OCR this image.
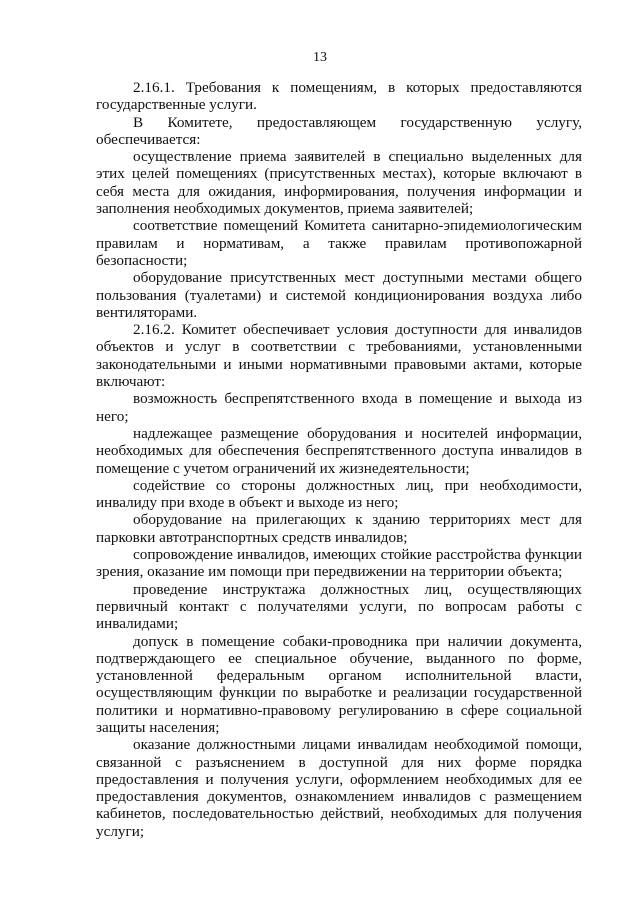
13

2.16.1. Требования к помещениям, в которых предоставляются государственные услуги.

В Комитете, предоставляющем государственную услугу, обеспечивается:

осуществление приема заявителей в специально выделенных для этих целей помещениях (присутственных местах), которые включают в себя места для ожидания, информирования, получения информации и заполнения необходимых документов, приема заявителей;

соответствие помещений Комитета санитарно-эпидемиологическим правилам и нормативам, а также правилам противопожарной безопасности;

оборудование присутственных мест доступными местами общего пользования (туалетами) и системой кондиционирования воздуха либо вентиляторами.

2.16.2. Комитет обеспечивает условия доступности для инвалидов объектов и услуг в соответствии с требованиями, установленными законодательными и иными нормативными правовыми актами, которые включают:

возможность беспрепятственного входа в помещение и выхода из него;

надлежащее размещение оборудования и носителей информации, необходимых для обеспечения беспрепятственного доступа инвалидов в помещение с учетом ограничений их жизнедеятельности;

содействие со стороны должностных лиц, при необходимости, инвалиду при входе в объект и выходе из него;

оборудование на прилегающих к зданию территориях мест для парковки автотранспортных средств инвалидов;

сопровождение инвалидов, имеющих стойкие расстройства функции зрения, оказание им помощи при передвижении на территории объекта;

проведение инструктажа должностных лиц, осуществляющих первичный контакт с получателями услуги, по вопросам работы с инвалидами;

допуск в помещение собаки-проводника при наличии документа, подтверждающего ее специальное обучение, выданного по форме, установленной федеральным органом исполнительной власти, осуществляющим функции по выработке и реализации государственной политики и нормативно-правовому регулированию в сфере социальной защиты населения;

оказание должностными лицами инвалидам необходимой помощи, связанной с разъяснением в доступной для них форме порядка предоставления и получения услуги, оформлением необходимых для ее предоставления документов, ознакомлением инвалидов с размещением кабинетов, последовательностью действий, необходимых для получения услуги;
